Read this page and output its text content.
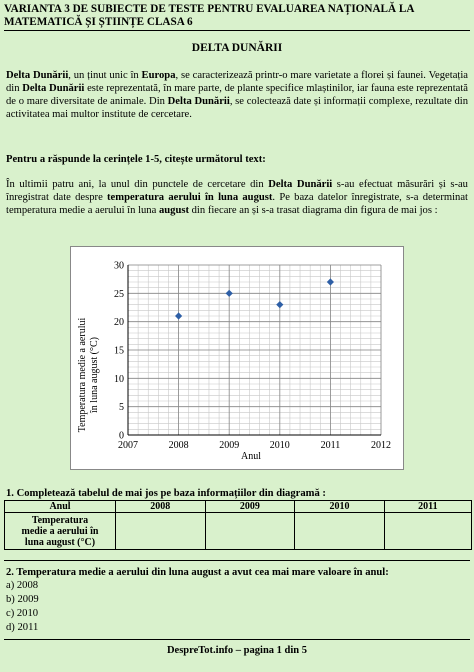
VARIANTA 3 DE SUBIECTE DE TESTE PENTRU EVALUAREA NAȚIONALĂ LA MATEMATICĂ ȘI ȘTIINȚE CLASA 6
DELTA DUNĂRII
Delta Dunării, un ținut unic în Europa, se caracterizează printr-o mare varietate a florei și faunei. Vegetația din Delta Dunării este reprezentată, în mare parte, de plante specifice mlaștinilor, iar fauna este reprezentată de o mare diversitate de animale. Din Delta Dunării, se colectează date și informații complexe, rezultate din activitatea mai multor institute de cercetare.
Pentru a răspunde la cerințele 1-5, citește următorul text:
În ultimii patru ani, la unul din punctele de cercetare din Delta Dunării s-au efectuat măsurări și s-au înregistrat date despre temperatura aerului în luna august. Pe baza datelor înregistrate, s-a determinat temperatura medie a aerului în luna august din fiecare an și s-a trasat diagrama din figura de mai jos :
0
5
10
15
20
25
30
2007	2008	2009	2010	2011	2012
Temperatura medie a aerului în luna august (°C)
Anul
1. Completează tabelul de mai jos pe baza informațiilor din diagramă :
Anul	2008	2009	2010	2011

Temperatura
medie a aerului în
luna august (°C)				

2. Temperatura medie a aerului din luna august a avut cea mai mare valoare în anul:
a) 2008
b) 2009
c) 2010
d) 2011
DespreTot.info – pagina 1 din 5
